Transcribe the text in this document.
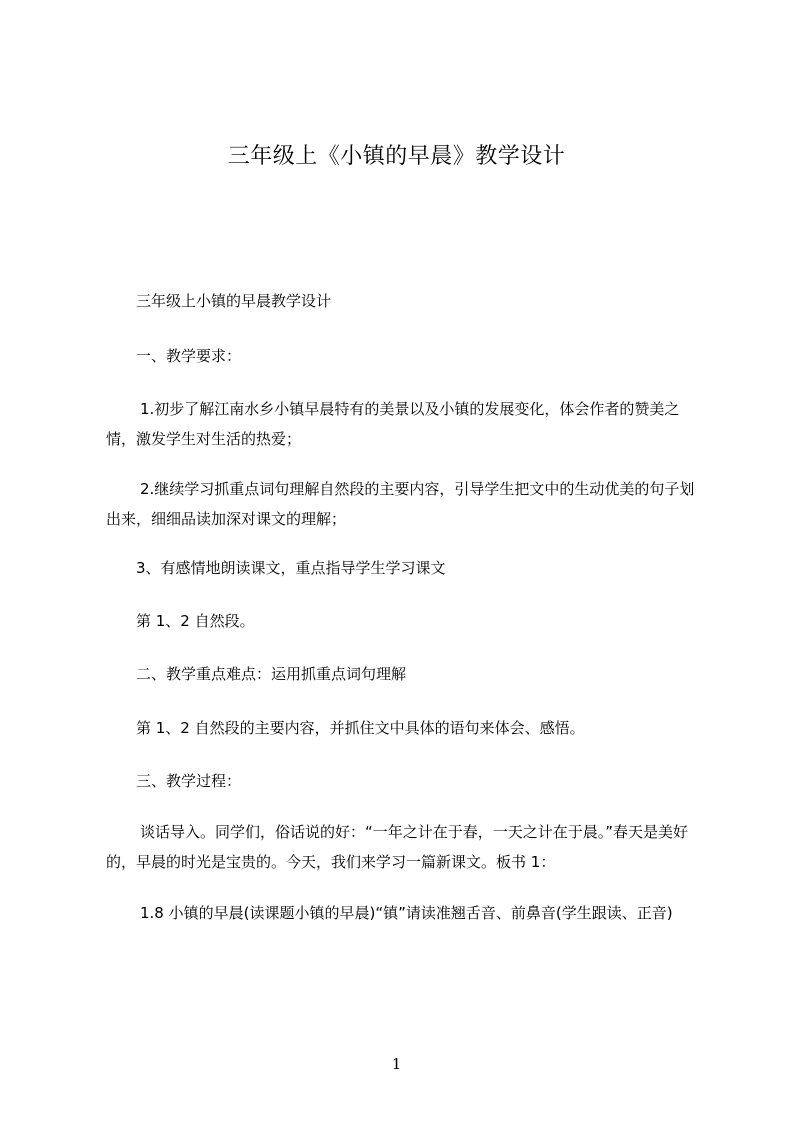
三年级上《小镇的早晨》教学设计

三年级上小镇的早晨教学设计

一、教学要求：

1.初步了解江南水乡小镇早晨特有的美景以及小镇的发展变化，体会作者的赞美之情，激发学生对生活的热爱；

2.继续学习抓重点词句理解自然段的主要内容，引导学生把文中的生动优美的句子划出来，细细品读加深对课文的理解；

3、有感情地朗读课文，重点指导学生学习课文

第 1、2 自然段。

二、教学重点难点：运用抓重点词句理解

第 1、2 自然段的主要内容，并抓住文中具体的语句来体会、感悟。

三、教学过程：

谈话导入。同学们，俗话说的好：“一年之计在于春，一天之计在于晨。”春天是美好的，早晨的时光是宝贵的。今天，我们来学习一篇新课文。板书 1：

1.8 小镇的早晨(读课题小镇的早晨)“镇”请读准翘舌音、前鼻音(学生跟读、正音)

1
